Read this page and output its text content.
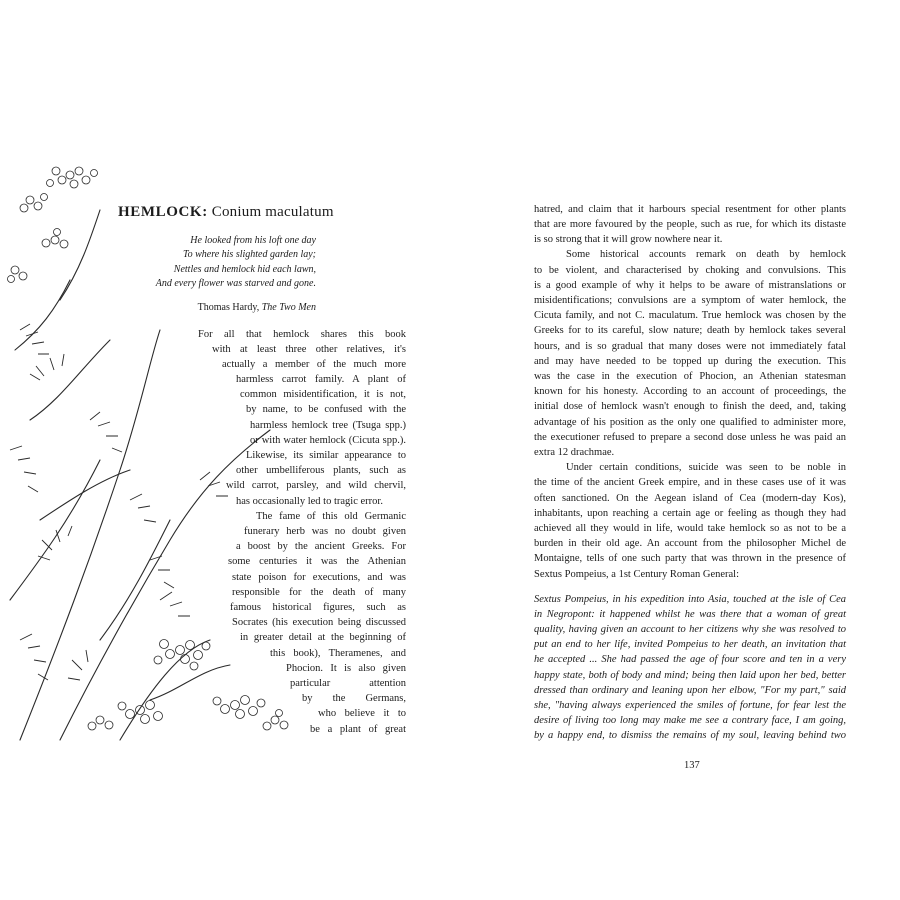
HEMLOCK: Conium maculatum
He looked from his loft one day
To where his slighted garden lay;
Nettles and hemlock hid each lawn,
And every flower was starved and gone.
Thomas Hardy, The Two Men
For all that hemlock shares this book
with at least three other relatives, it's
actually a member of the much more
harmless carrot family. A plant of
common misidentification, it is not,
by name, to be confused with the
harmless hemlock tree (Tsuga spp.)
or with water hemlock (Cicuta spp.).
Likewise, its similar appearance to
other umbelliferous plants, such as
wild carrot, parsley, and wild chervil,
has occasionally led to tragic error.
The fame of this old Germanic
funerary herb was no doubt given
a boost by the ancient Greeks. For
some centuries it was the Athenian
state poison for executions, and was
responsible for the death of many
famous historical figures, such as
Socrates (his execution being discussed
in greater detail at the beginning of
this book), Theramenes, and
Phocion. It is also given
particular attention
by the Germans,
who believe it to
be a plant of great
hatred, and claim that it harbours special resentment for other plants
that are more favoured by the people, such as rue, for which its distaste
is so strong that it will grow nowhere near it.
Some historical accounts remark on death by hemlock
to be violent, and characterised by choking and convulsions. This
is a good example of why it helps to be aware of mistranslations or
misidentifications; convulsions are a symptom of water hemlock, the
Cicuta family, and not C. maculatum. True hemlock was chosen by the
Greeks for to its careful, slow nature; death by hemlock takes several
hours, and is so gradual that many doses were not immediately fatal
and may have needed to be topped up during the execution. This
was the case in the execution of Phocion, an Athenian statesman
known for his honesty. According to an account of proceedings, the
initial dose of hemlock wasn't enough to finish the deed, and, taking
advantage of his position as the only one qualified to administer more,
the executioner refused to prepare a second dose unless he was paid an
extra 12 drachmae.
Under certain conditions, suicide was seen to be noble in
the time of the ancient Greek empire, and in these cases use of it was
often sanctioned. On the Aegean island of Cea (modern-day Kos),
inhabitants, upon reaching a certain age or feeling as though they had
achieved all they would in life, would take hemlock so as not to be a
burden in their old age. An account from the philosopher Michel de
Montaigne, tells of one such party that was thrown in the presence of
Sextus Pompeius, a 1st Century Roman General:
Sextus Pompeius, in his expedition into Asia, touched at the isle of Cea
in Negropont: it happened whilst he was there that a woman of great
quality, having given an account to her citizens why she was resolved to
put an end to her life, invited Pompeius to her death, an invitation that
he accepted ... She had passed the age of four score and ten in a very
happy state, both of body and mind; being then laid upon her bed, better
dressed than ordinary and leaning upon her elbow, "For my part," said
she, "having always experienced the smiles of fortune, for fear lest the
desire of living too long may make me see a contrary face, I am going,
by a happy end, to dismiss the remains of my soul, leaving behind two
137
